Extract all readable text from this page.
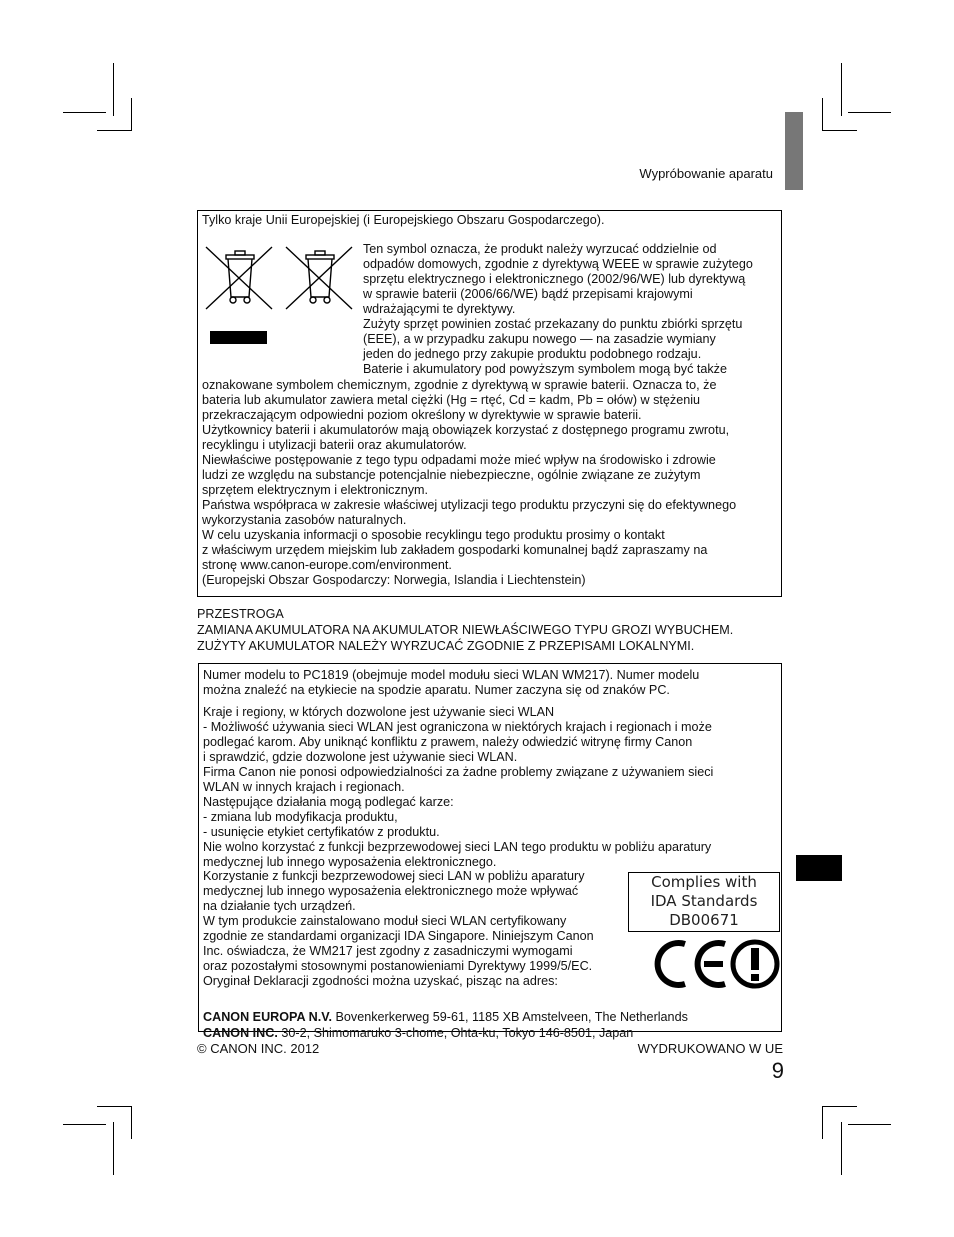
Wypróbowanie aparatu

Tylko kraje Unii Europejskiej (i Europejskiego Obszaru Gospodarczego).

Ten symbol oznacza, że produkt należy wyrzucać oddzielnie od
odpadów domowych, zgodnie z dyrektywą WEEE w sprawie zużytego
sprzętu elektrycznego i elektronicznego (2002/96/WE) lub dyrektywą
w sprawie baterii (2006/66/WE) bądź przepisami krajowymi
wdrażającymi te dyrektywy.
Zużyty sprzęt powinien zostać przekazany do punktu zbiórki sprzętu
(EEE), a w przypadku zakupu nowego — na zasadzie wymiany
jeden do jednego przy zakupie produktu podobnego rodzaju.
Baterie i akumulatory pod powyższym symbolem mogą być także

oznakowane symbolem chemicznym, zgodnie z dyrektywą w sprawie baterii. Oznacza to, że
bateria lub akumulator zawiera metal ciężki (Hg = rtęć, Cd = kadm, Pb = ołów) w stężeniu
przekraczającym odpowiedni poziom określony w dyrektywie w sprawie baterii.
Użytkownicy baterii i akumulatorów mają obowiązek korzystać z dostępnego programu zwrotu,
recyklingu i utylizacji baterii oraz akumulatorów.
Niewłaściwe postępowanie z tego typu odpadami może mieć wpływ na środowisko i zdrowie
ludzi ze względu na substancje potencjalnie niebezpieczne, ogólnie związane ze zużytym
sprzętem elektrycznym i elektronicznym.
Państwa współpraca w zakresie właściwej utylizacji tego produktu przyczyni się do efektywnego
wykorzystania zasobów naturalnych.
W celu uzyskania informacji o sposobie recyklingu tego produktu prosimy o kontakt
z właściwym urzędem miejskim lub zakładem gospodarki komunalnej bądź zapraszamy na
stronę www.canon-europe.com/environment.
(Europejski Obszar Gospodarczy: Norwegia, Islandia i Liechtenstein)

PRZESTROGA
ZAMIANA AKUMULATORA NA AKUMULATOR NIEWŁAŚCIWEGO TYPU GROZI WYBUCHEM.
ZUŻYTY AKUMULATOR NALEŻY WYRZUCAĆ ZGODNIE Z PRZEPISAMI LOKALNYMI.

Numer modelu to PC1819 (obejmuje model modułu sieci WLAN WM217). Numer modelu
można znaleźć na etykiecie na spodzie aparatu. Numer zaczyna się od znaków PC.

Kraje i regiony, w których dozwolone jest używanie sieci WLAN
- Możliwość używania sieci WLAN jest ograniczona w niektórych krajach i regionach i może
podlegać karom. Aby uniknąć konfliktu z prawem, należy odwiedzić witrynę firmy Canon
i sprawdzić, gdzie dozwolone jest używanie sieci WLAN.
Firma Canon nie ponosi odpowiedzialności za żadne problemy związane z używaniem sieci
WLAN w innych krajach i regionach.
Następujące działania mogą podlegać karze:
- zmiana lub modyfikacja produktu,
- usunięcie etykiet certyfikatów z produktu.
Nie wolno korzystać z funkcji bezprzewodowej sieci LAN tego produktu w pobliżu aparatury
medycznej lub innego wyposażenia elektronicznego.

Korzystanie z funkcji bezprzewodowej sieci LAN w pobliżu aparatury
medycznej lub innego wyposażenia elektronicznego może wpływać
na działanie tych urządzeń.
W tym produkcie zainstalowano moduł sieci WLAN certyfikowany
zgodnie ze standardami organizacji IDA Singapore. Niniejszym Canon
Inc. oświadcza, że WM217 jest zgodny z zasadniczymi wymogami
oraz pozostałymi stosownymi postanowieniami Dyrektywy 1999/5/EC.
Oryginał Deklaracji zgodności można uzyskać, pisząc na adres:

Complies with
IDA Standards
DB00671

CANON EUROPA N.V. Bovenkerkerweg 59-61, 1185 XB Amstelveen, The Netherlands

CANON INC. 30-2, Shimomaruko 3-chome, Ohta-ku, Tokyo 146-8501, Japan

© CANON INC. 2012	WYDRUKOWANO W UE
9
